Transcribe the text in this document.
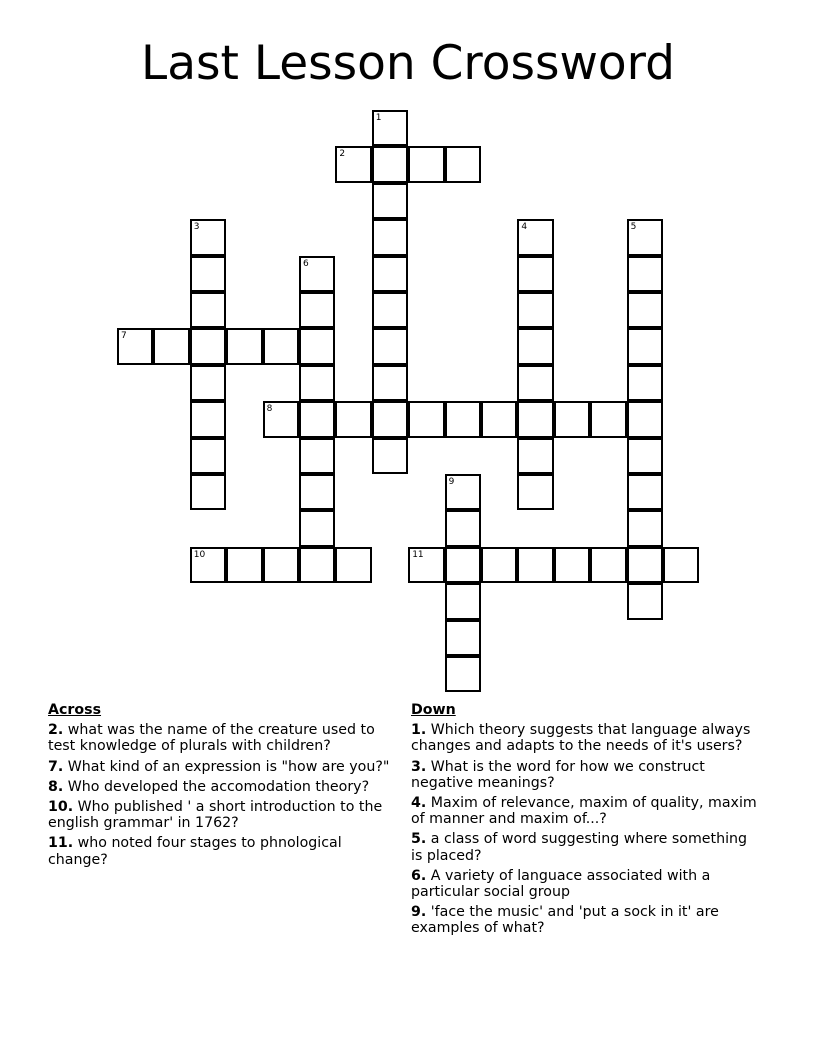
Last Lesson Crossword
1
2
3	4	5
6
7
8
9
10	11
Across
2. what was the name of the creature used to test knowledge of plurals with children?
7. What kind of an expression is "how are you?"
8. Who developed the accomodation theory?
10. Who published ' a short introduction to the english grammar' in 1762?
11. who noted four stages to phnological change?
Down
1. Which theory suggests that language always changes and adapts to the needs of it's users?
3. What is the word for how we construct negative meanings?
4. Maxim of relevance, maxim of quality, maxim of manner and maxim of...?
5. a class of word suggesting where something is placed?
6. A variety of languace associated with a particular social group
9. 'face the music' and 'put a sock in it' are examples of what?
